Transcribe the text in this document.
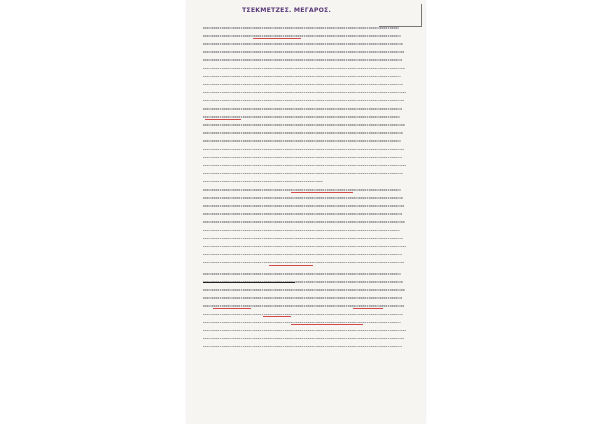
ΤΣΕΚΜΕΤΖΕΣ. ΜΕΓΑΡΟΣ.
